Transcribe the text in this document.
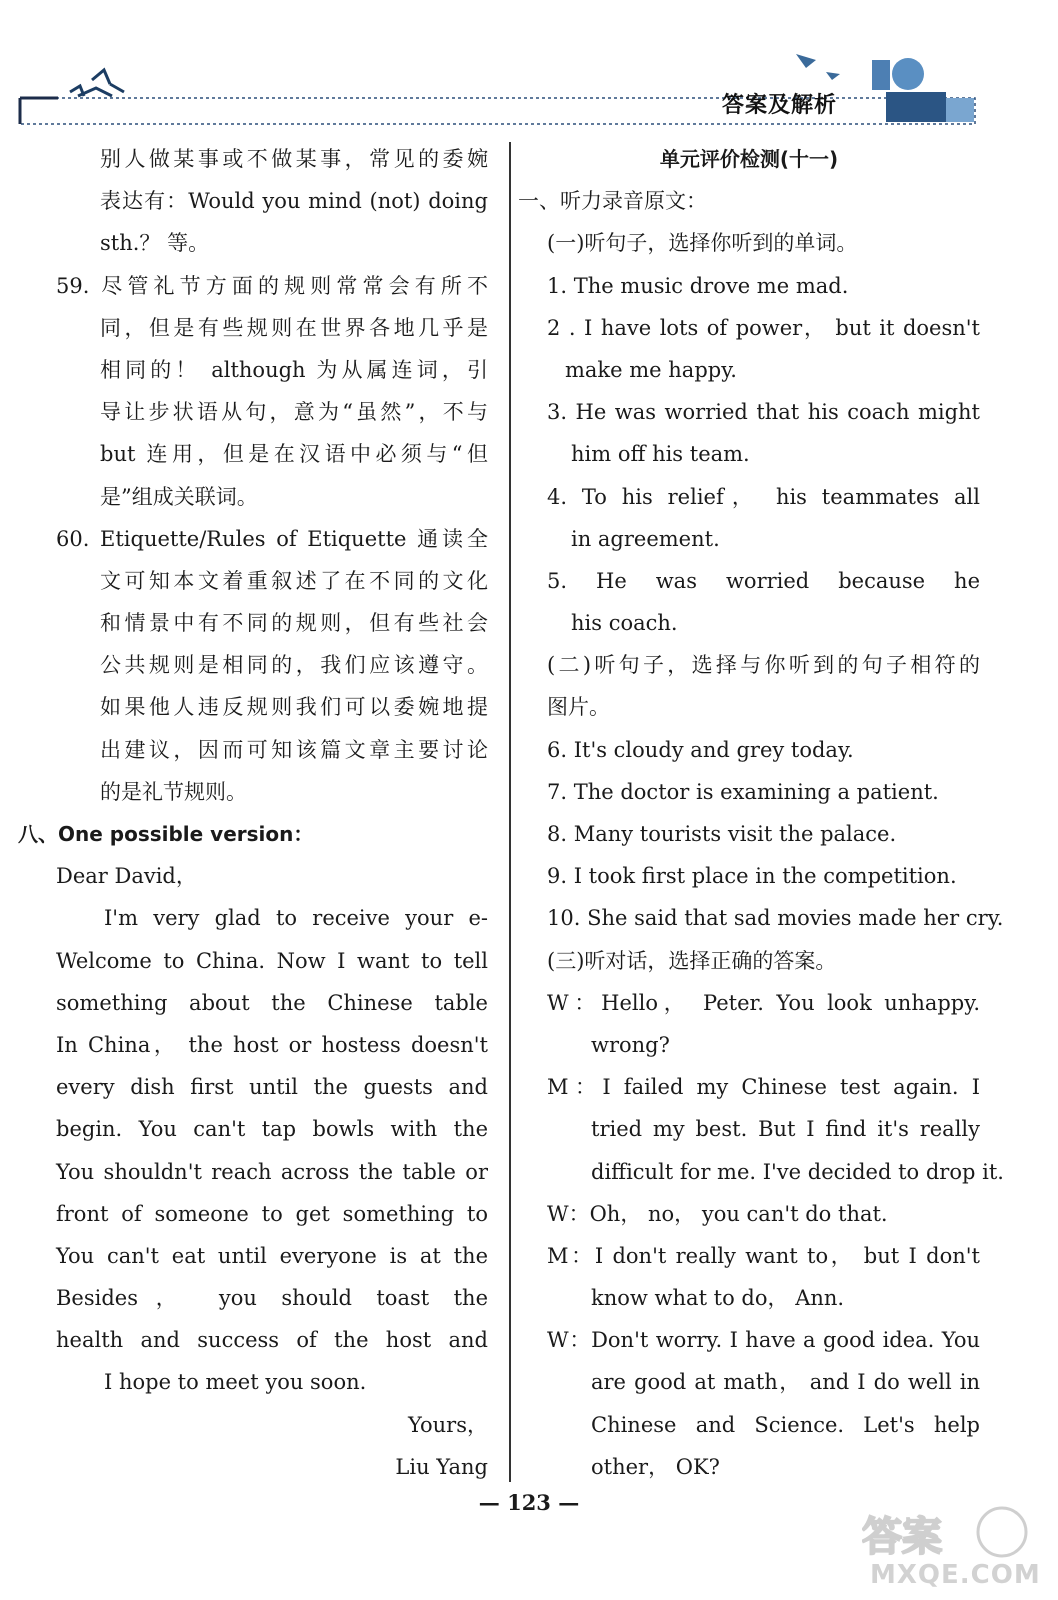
答案及解析
别人做某事或不做某事，常见的委婉
表达有：Would you mind (not) doing
sth.？ 等。
59. 尽管礼节方面的规则常常会有所不
同，但是有些规则在世界各地几乎是
相同的！ although 为从属连词，引
导让步状语从句，意为“虽然”，不与
but 连用，但是在汉语中必须与“但
是”组成关联词。
60. Etiquette/Rules of Etiquette 通读全
文可知本文着重叙述了在不同的文化
和情景中有不同的规则，但有些社会
公共规则是相同的，我们应该遵守。
如果他人违反规则我们可以委婉地提
出建议，因而可知该篇文章主要讨论
的是礼节规则。
八、One possible version：
Dear David，
I'm very glad to receive your e-
Welcome to China. Now I want to tell
something about the Chinese table
In China， the host or hostess doesn't
every dish first until the guests and
begin. You can't tap bowls with the
You shouldn't reach across the table or
front of someone to get something to
You can't eat until everyone is at the
Besides， you should toast the
health and success of the host and
I hope to meet you soon.
Yours，
Liu Yang
单元评价检测(十一)
一、听力录音原文：
(一)听句子，选择你听到的单词。
1. The music drove me mad.
2 . I have lots of power， but it doesn't
make me happy.
3. He was worried that his coach might
him off his team.
4. To his relief， his teammates all
in agreement.
5. He was worried because he
his coach.
(二)听句子，选择与你听到的句子相符的
图片。
6. It's cloudy and grey today.
7. The doctor is examining a patient.
8. Many tourists visit the palace.
9. I took first place in the competition.
10. She said that sad movies made her cry.
(三)听对话，选择正确的答案。
W：Hello， Peter. You look unhappy.
wrong?
M：I failed my Chinese test again. I
tried my best. But I find it's really
difficult for me. I've decided to drop it.
W：Oh， no， you can't do that.
M：I don't really want to， but I don't
know what to do， Ann.
W：Don't worry. I have a good idea. You
are good at math， and I do well in
Chinese and Science. Let's help
other， OK?
— 123 —
答案
MXQE.COM
